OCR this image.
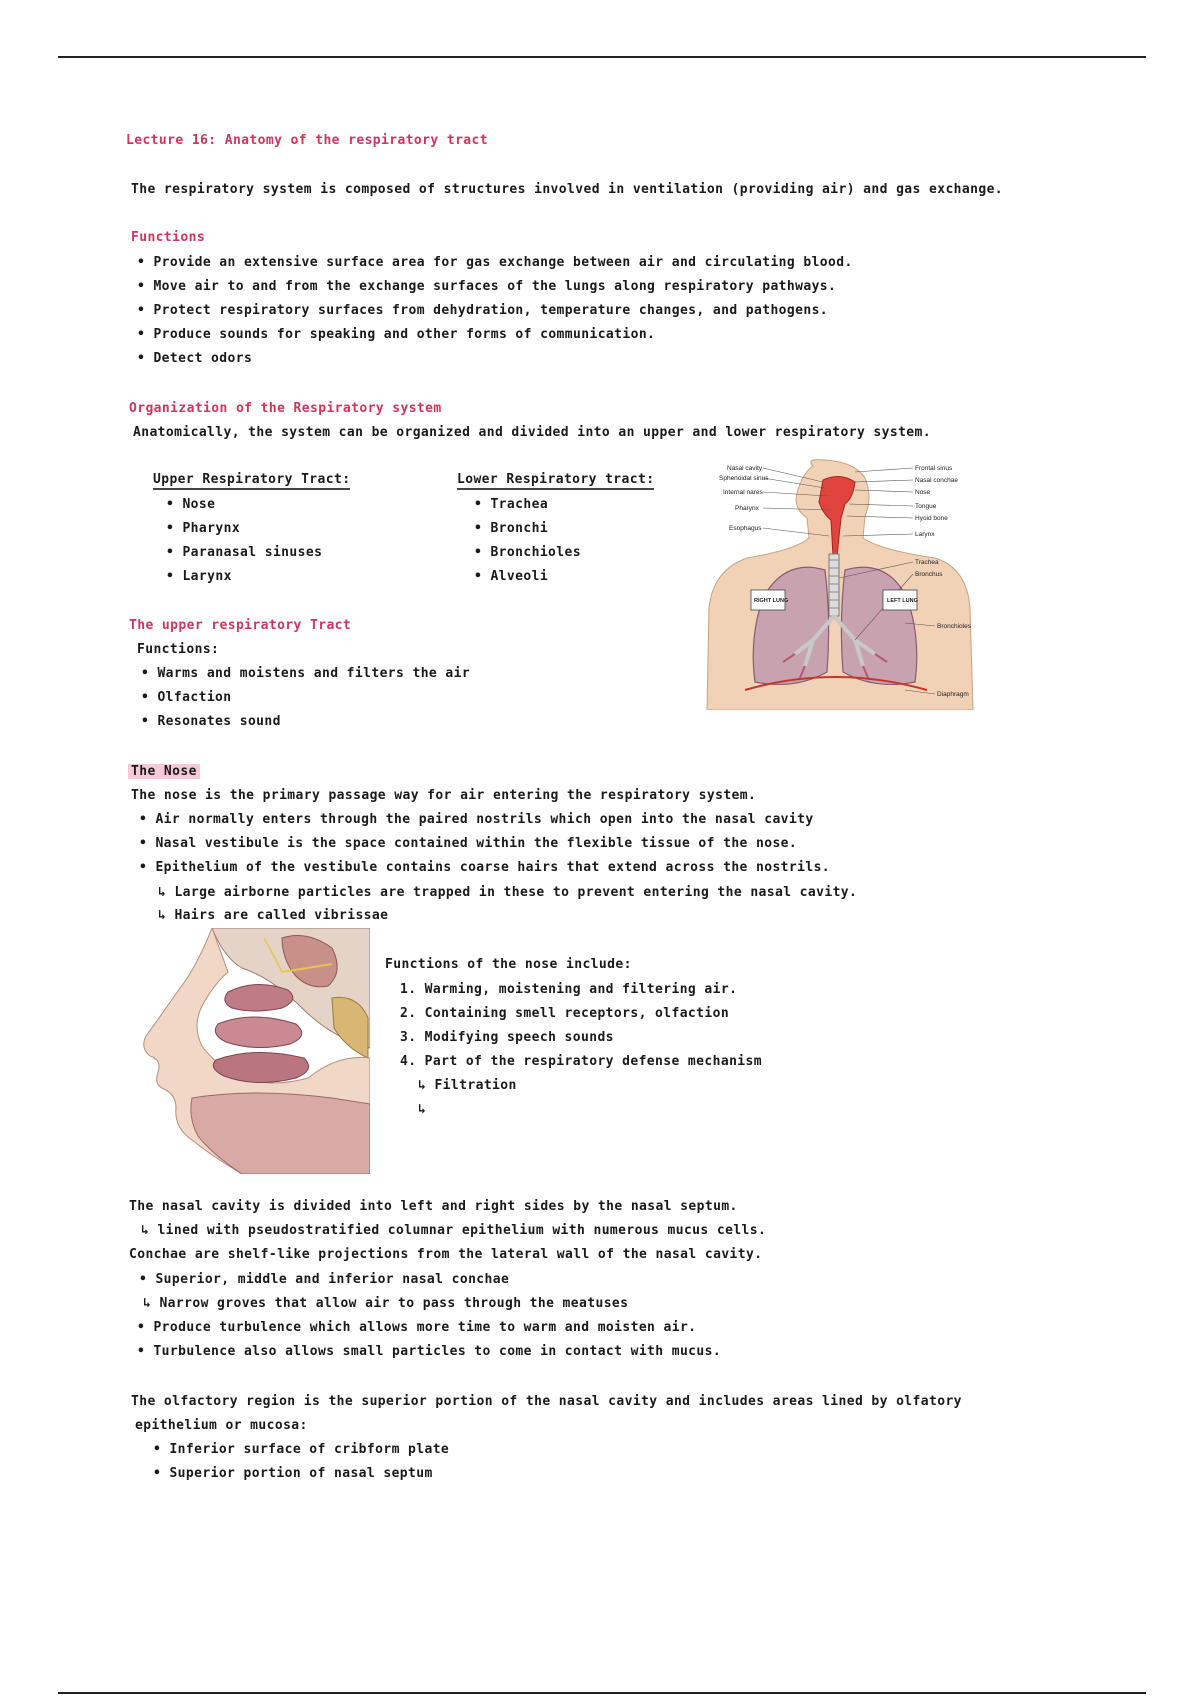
Lecture 16: Anatomy of the respiratory tract
The respiratory system is composed of structures involved in ventilation (providing air) and gas exchange.
Functions
• Provide an extensive surface area for gas exchange between air and circulating blood.
• Move air to and from the exchange surfaces of the lungs along respiratory pathways.
• Protect respiratory surfaces from dehydration, temperature changes, and pathogens.
• Produce sounds for speaking and other forms of communication.
• Detect odors
Organization of the Respiratory system
Anatomically, the system can be organized and divided into an upper and lower respiratory system.
Upper Respiratory Tract:
• Nose
• Pharynx
• Paranasal sinuses
• Larynx
Lower Respiratory tract:
• Trachea
• Bronchi
• Bronchioles
• Alveoli
Nasal cavity
Sphenoidal sinus
Internal nares
Pharynx
Esophagus
Frontal sinus
Nasal conchae
Nose
Tongue
Hyoid bone
Larynx
Trachea
Bronchus
Bronchioles
Diaphragm
RIGHT LUNG	LEFT LUNG
The upper respiratory Tract
Functions:
• Warms and moistens and filters the air
• Olfaction
• Resonates sound
The Nose
The nose is the primary passage way for air entering the respiratory system.
• Air normally enters through the paired nostrils which open into the nasal cavity
• Nasal vestibule is the space contained within the flexible tissue of the nose.
• Epithelium of the vestibule contains coarse hairs that extend across the nostrils.
↳ Large airborne particles are trapped in these to prevent entering the nasal cavity.
↳ Hairs are called vibrissae
Functions of the nose include:
1. Warming, moistening and filtering air.
2. Containing smell receptors, olfaction
3. Modifying speech sounds
4. Part of the respiratory defense mechanism
↳ Filtration
↳
The nasal cavity is divided into left and right sides by the nasal septum.
↳ lined with pseudostratified columnar epithelium with numerous mucus cells.
Conchae are shelf-like projections from the lateral wall of the nasal cavity.
• Superior, middle and inferior nasal conchae
↳ Narrow groves that allow air to pass through the meatuses
• Produce turbulence which allows more time to warm and moisten air.
• Turbulence also allows small particles to come in contact with mucus.
The olfactory region is the superior portion of the nasal cavity and includes areas lined by olfatory
epithelium or mucosa:
• Inferior surface of cribform plate
• Superior portion of nasal septum
